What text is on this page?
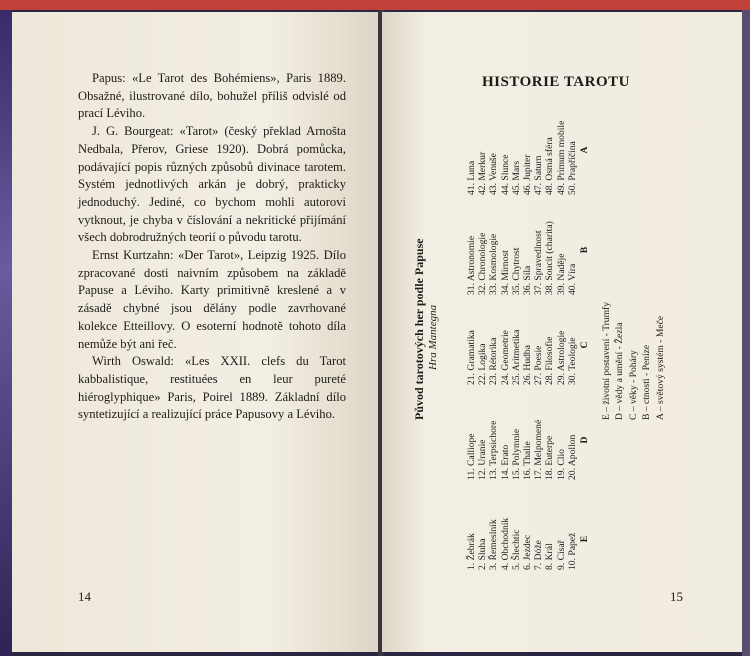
Papus: «Le Tarot des Bohémiens», Paris 1889. Obsažné, ilustrované dílo, bohužel příliš odvislé od prací Léviho.

J. G. Bourgeat: «Tarot» (český překlad Arnošta Nedbala, Přerov, Griese 1920). Dobrá pomůcka, podávající popis různých způsobů divinace tarotem. Systém jednotlivých arkán je dobrý, prakticky jednoduchý. Jediné, co bychom mohli autorovi vytknout, je chyba v číslování a nekritické přijímání všech dobrodružných teorií o původu tarotu.

Ernst Kurtzahn: «Der Tarot», Leipzig 1925. Dílo zpracované dosti naivním způsobem na základě Papuse a Léviho. Karty primitivně kreslené a v zásadě chybné jsou dělány podle zavrhované kolekce Etteillovy. O esoterní hodnotě tohoto díla nemůže být ani řeč.

Wirth Oswald: «Les XXII. clefs du Tarot kabbalistique, restituées en leur pureté hiéroglyphique» Paris, Poirel 1889. Základní dílo syntetizující a realizující práce Papusovy a Léviho.

14
HISTORIE TAROTU
Původ tarotových her podle Papuse Hra Mantegna
1. Žebrák 2. Sluha 3. Řemeslník 4. Obchodník 5. Šlechtic 6. Jezdec 7. Dóže 8. Král 9. Císař 10. Papež E
11. Calliope 12. Uranie 13. Terpsichore 14. Erato 15. Polymnie 16. Thalie 17. Melpomené 18. Euterpe 19. Clio 20. Apollon D
21. Gramatika 22. Logika 23. Rétorika 24. Geometrie 25. Aritmetika 26. Hudba 27. Poesie 28. Filosofie 29. Astrologie 30. Teologie C
31. Astronomie 32. Chronologie 33. Kosmologie 34. Mírnost 35. Chytrost 36. Síla 37. Spravedlnost 38. Soucit (charita) 39. Naděje 40. Víra
B
41. Luna 42. Merkur 43. Venuše 44. Slunce 45. Mars 46. Jupiter 47. Saturn 48. Osmá sféra 49. Primum mobile 50. Prapříčina A
E – životní postavení - Trumfy D – vědy a umění - Žezla C – věky - Poháry B – ctnosti - Peníze A – světový systém - Meče
15
